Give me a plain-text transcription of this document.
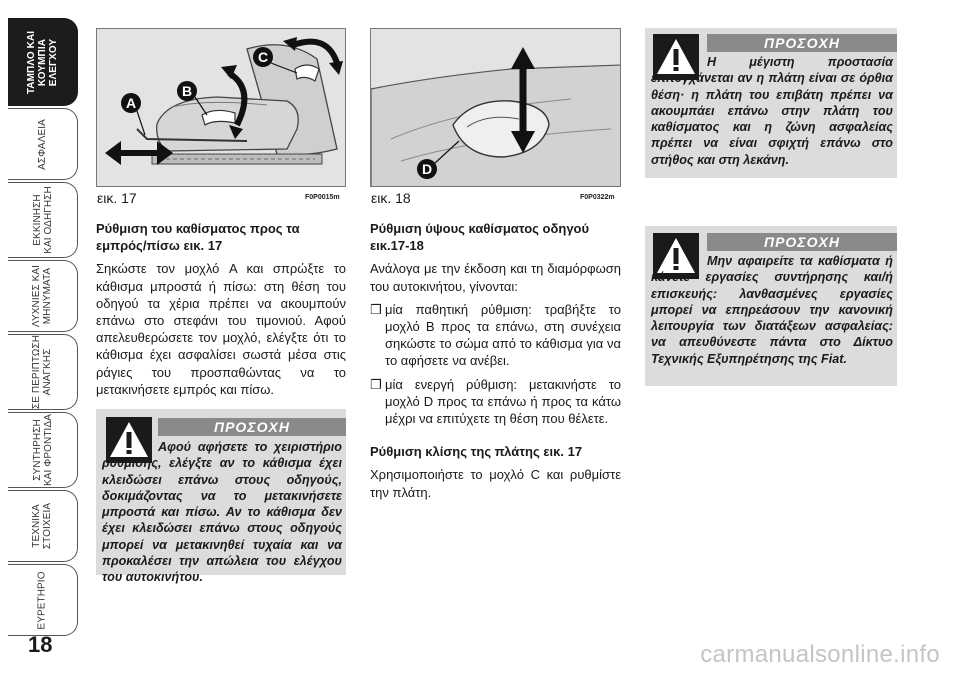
ΤΑΜΠΛΟ ΚΑΙ
ΚΟΥΜΠΙΑ
ΕΛΕΓΧΟΥ
ΑΣΦΑΛΕΙΑ
ΕΚΚΙΝΗΣΗ
ΚΑΙ ΟΔΗΓΗΣΗ
ΛΥΧΝΙΕΣ ΚΑΙ
ΜΗΝΥΜΑΤΑ
ΣΕ ΠΕΡΙΠΤΩΣΗ
ΑΝΑΓΚΗΣ
ΣΥΝΤΗΡΗΣΗ
ΚΑΙ ΦΡΟΝΤΙΔΑ
ΤΕΧΝΙΚΑ
ΣΤΟΙΧΕΙΑ
ΕΥΡΕΤΗΡΙΟ
18
A
B
C
εικ. 17	F0P0015m
D
εικ. 18	F0P0322m

Ρύθμιση του καθίσματος προς τα εμπρός/πίσω εικ. 17

Σηκώστε τον μοχλό A και σπρώξτε το κάθισμα μπροστά ή πίσω: στη θέση του οδηγού τα χέρια πρέπει να ακουμπούν επάνω στο στεφάνι του τιμονιού. Αφού απελευθερώσετε τον μοχλό, ελέγξτε ότι το κάθισμα έχει ασφαλίσει σωστά μέσα στις ράγιες του προσπαθώντας να το μετακινήσετε εμπρός και πίσω.

ΠΡΟΣΟΧΗ
Αφού αφήσετε το χειριστήριο ρύθμισης, ελέγξτε αν το κάθισμα έχει κλειδώσει επάνω στους οδηγούς, δοκιμάζοντας να το μετακινήσετε μπροστά και πίσω. Αν το κάθισμα δεν έχει κλειδώσει επάνω στους οδηγούς μπορεί να μετακινηθεί τυχαία και να προκαλέσει την απώλεια του ελέγχου του αυτοκινήτου.

Ρύθμιση ύψους καθίσματος οδηγού εικ.17-18

Ανάλογα με την έκδοση και τη διαμόρφωση του αυτοκινήτου, γίνονται:

❒ μία παθητική ρύθμιση: τραβήξτε το μοχλό B προς τα επάνω, στη συνέχεια σηκώστε το σώμα από το κάθισμα για να το αφήσετε να ανέβει.
❒ μία ενεργή ρύθμιση: μετακινήστε το μοχλό D προς τα επάνω ή προς τα κάτω μέχρι να επιτύχετε τη θέση που θέλετε.

Ρύθμιση κλίσης της πλάτης εικ. 17

Χρησιμοποιήστε το μοχλό C και ρυθμίστε την πλάτη.

ΠΡΟΣΟΧΗ
Η μέγιστη προστασία επιτυγχάνεται αν η πλάτη είναι σε όρθια θέση· η πλάτη του επιβάτη πρέπει να ακουμπάει επάνω στην πλάτη του καθίσματος και η ζώνη ασφαλείας πρέπει να είναι σφιχτή επάνω στο στήθος και στη λεκάνη.
ΠΡΟΣΟΧΗ
Μην αφαιρείτε τα καθίσματα ή κάνετε εργασίες συντήρησης και/ή επισκευής: λανθασμένες εργασίες μπορεί να επηρεάσουν την κανονική λειτουργία των διατάξεων ασφαλείας: να απευθύνεστε πάντα στο Δίκτυο Τεχνικής Εξυπηρέτησης της Fiat.
carmanualsonline.info
